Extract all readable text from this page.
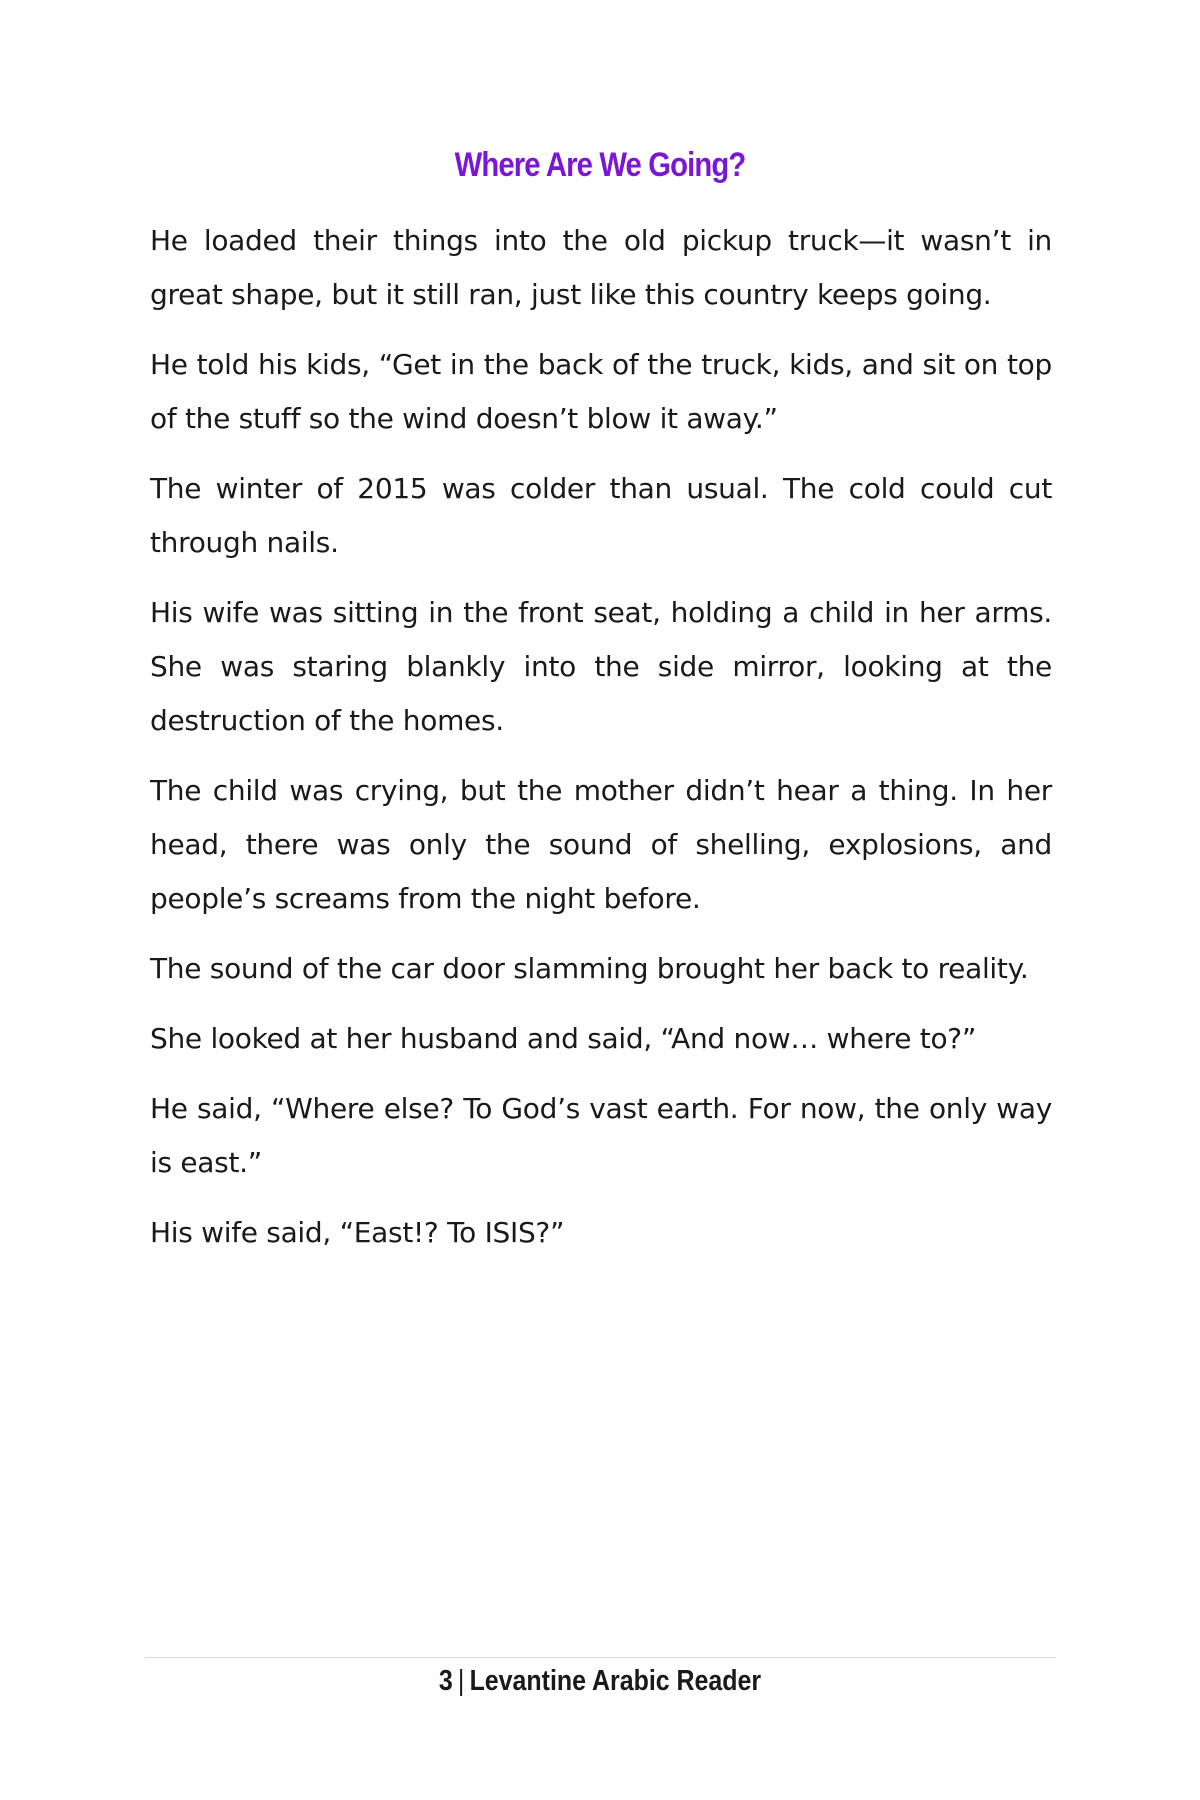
Where Are We Going?

He loaded their things into the old pickup truck—it wasn’t in great shape, but it still ran, just like this country keeps going.

He told his kids, “Get in the back of the truck, kids, and sit on top of the stuff so the wind doesn’t blow it away.”

The winter of 2015 was colder than usual. The cold could cut through nails.

His wife was sitting in the front seat, holding a child in her arms. She was staring blankly into the side mirror, looking at the destruction of the homes.

The child was crying, but the mother didn’t hear a thing. In her head, there was only the sound of shelling, explosions, and people’s screams from the night before.

The sound of the car door slamming brought her back to reality.

She looked at her husband and said, “And now… where to?”

He said, “Where else? To God’s vast earth. For now, the only way is east.”

His wife said, “East!? To ISIS?”

3 | Levantine Arabic Reader
